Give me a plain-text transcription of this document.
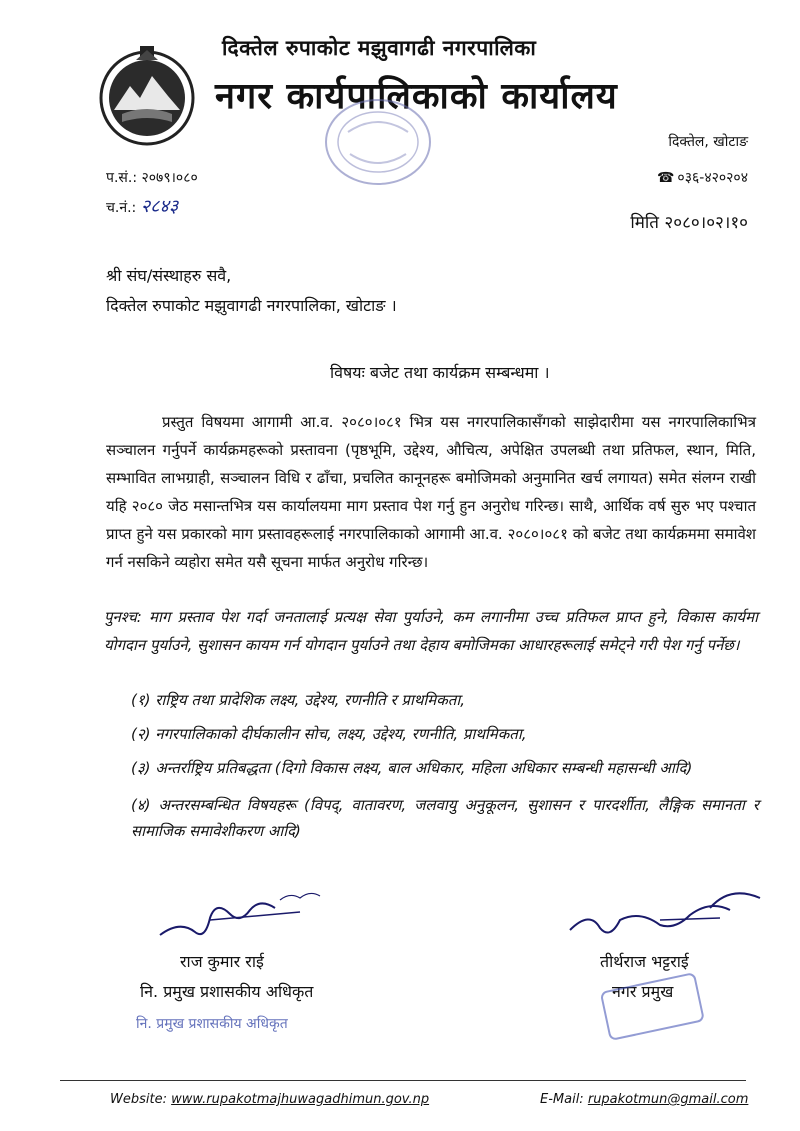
दिक्तेल रुपाकोट मझुवागढी नगरपालिका
नगर कार्यपालिकाको कार्यालय
दिक्तेल, खोटाङ
प.सं.: २०७९।०८०	☎ ०३६-४२०२०४
च.नं.: २८४३
मिति २०८०।०२।१०
श्री संघ/संस्थाहरु सवै,
दिक्तेल रुपाकोट मझुवागढी नगरपालिका, खोटाङ ।
विषयः बजेट तथा कार्यक्रम सम्बन्धमा ।

प्रस्तुत विषयमा आगामी आ.व. २०८०।०८१ भित्र यस नगरपालिकासँगको साझेदारीमा यस नगरपालिकाभित्र सञ्चालन गर्नुपर्ने कार्यक्रमहरूको प्रस्तावना (पृष्ठभूमि, उद्देश्य, औचित्य, अपेक्षित उपलब्धी तथा प्रतिफल, स्थान, मिति, सम्भावित लाभग्राही, सञ्चालन विधि र ढाँचा, प्रचलित कानूनहरू बमोजिमको अनुमानित खर्च लगायत) समेत संलग्न राखी यहि २०८० जेठ मसान्तभित्र यस कार्यालयमा माग प्रस्ताव पेश गर्नु हुन अनुरोध गरिन्छ। साथै, आर्थिक वर्ष सुरु भए पश्चात प्राप्त हुने यस प्रकारको माग प्रस्तावहरूलाई नगरपालिकाको आगामी आ.व. २०८०।०८१ को बजेट तथा कार्यक्रममा समावेश गर्न नसकिने व्यहोरा समेत यसै सूचना मार्फत अनुरोध गरिन्छ।

पुनश्च: माग प्रस्ताव पेश गर्दा जनतालाई प्रत्यक्ष सेवा पुर्याउने, कम लगानीमा उच्च प्रतिफल प्राप्त हुने, विकास कार्यमा योगदान पुर्याउने, सुशासन कायम गर्न योगदान पुर्याउने तथा देहाय बमोजिमका आधारहरूलाई समेट्ने गरी पेश गर्नु पर्नेछ।
(१) राष्ट्रिय तथा प्रादेशिक लक्ष्य, उद्देश्य, रणनीति र प्राथमिकता,
(२) नगरपालिकाको दीर्घकालीन सोच, लक्ष्य, उद्देश्य, रणनीति, प्राथमिकता,
(३) अन्तर्राष्ट्रिय प्रतिबद्धता (दिगो विकास लक्ष्य, बाल अधिकार, महिला अधिकार सम्बन्धी महासन्धी आदि)
(४) अन्तरसम्बन्धित विषयहरू (विपद्, वातावरण, जलवायु अनुकूलन, सुशासन र पारदर्शीता, लैङ्गिक समानता र सामाजिक समावेशीकरण आदि)
राज कुमार राई
नि. प्रमुख प्रशासकीय अधिकृत
नि. प्रमुख प्रशासकीय अधिकृत
तीर्थराज भट्टराई
नगर प्रमुख
Website: www.rupakotmajhuwagadhimun.gov.np	E-Mail: rupakotmun@gmail.com
